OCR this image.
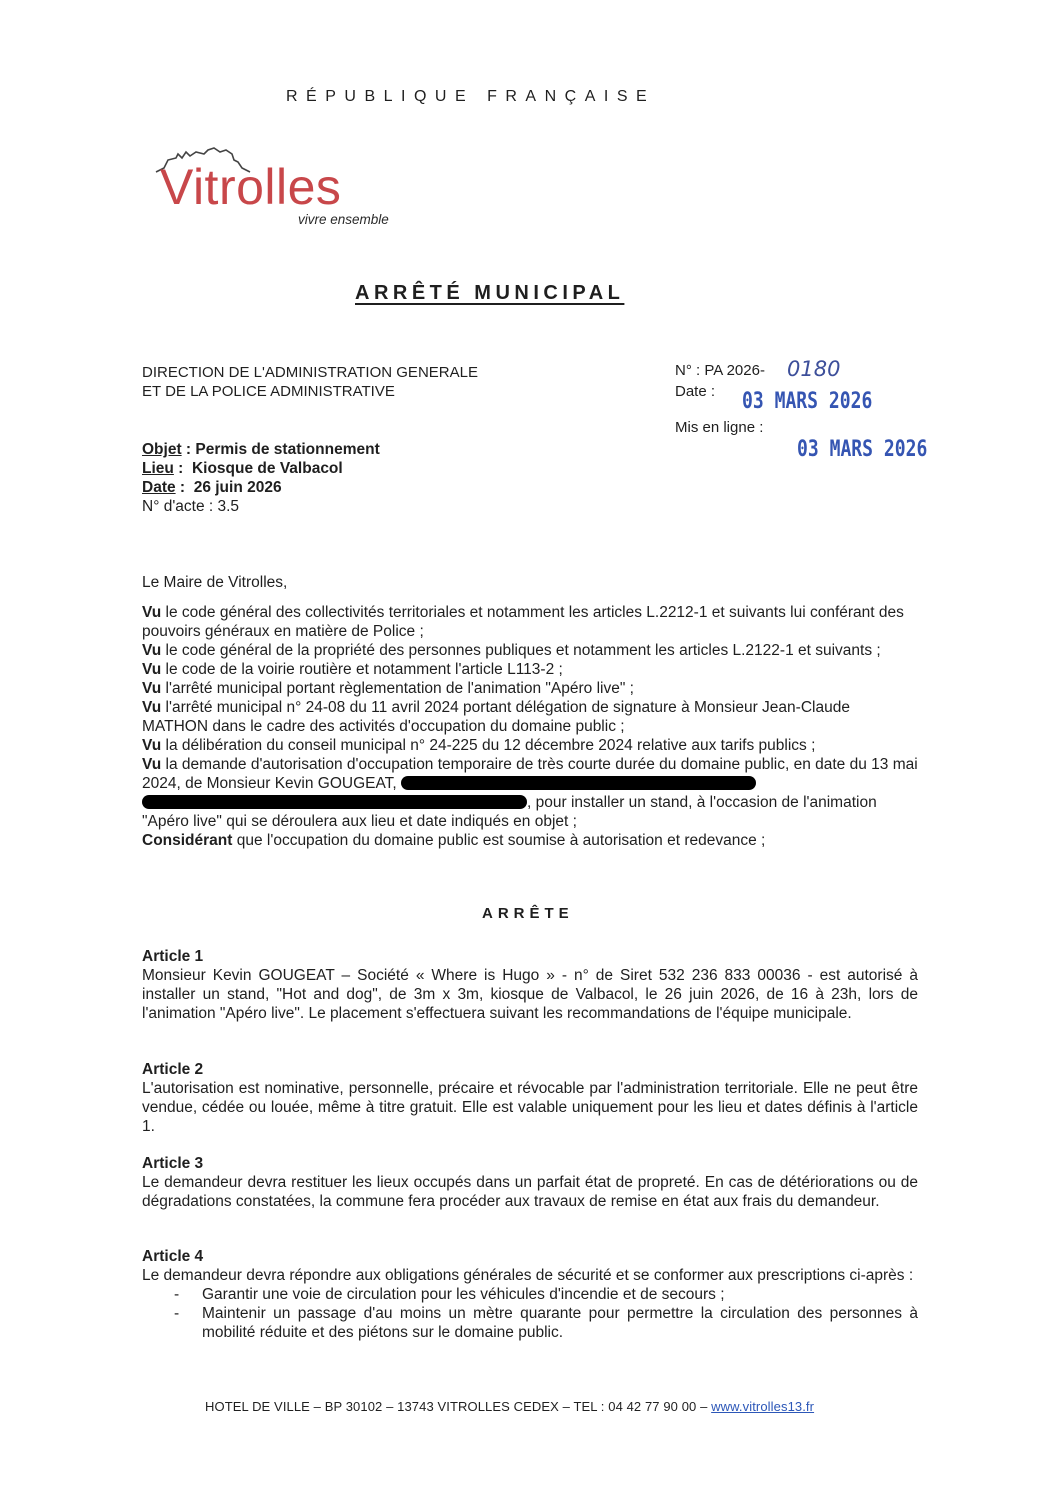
RÉPUBLIQUE FRANÇAISE
Vitrolles
vivre ensemble
ARRÊTÉ MUNICIPAL
DIRECTION DE L'ADMINISTRATION GENERALE
ET DE LA POLICE ADMINISTRATIVE
N° : PA 2026- 0180
Date : 03 MARS 2026
Mis en ligne :
03 MARS 2026
Objet : Permis de stationnement
Lieu :  Kiosque de Valbacol
Date :  26 juin 2026
N° d'acte : 3.5
Le Maire de Vitrolles,

Vu le code général des collectivités territoriales et notamment les articles L.2212-1 et suivants lui conférant des pouvoirs généraux en matière de Police ;

Vu le code général de la propriété des personnes publiques et notamment les articles L.2122-1 et suivants ;

Vu le code de la voirie routière et notamment l'article L113-2 ;

Vu l'arrêté municipal portant règlementation de l'animation "Apéro live" ;

Vu l'arrêté municipal n° 24-08 du 11 avril 2024 portant délégation de signature à Monsieur Jean-Claude MATHON dans le cadre des activités d'occupation du domaine public ;

Vu la délibération du conseil municipal n° 24-225 du 12 décembre 2024 relative aux tarifs publics ;

Vu la demande d'autorisation d'occupation temporaire de très courte durée du domaine public, en date du 13 mai 2024, de Monsieur Kevin GOUGEAT,  , pour installer un stand, à l'occasion de l'animation "Apéro live" qui se déroulera aux lieu et date indiqués en objet ;

Considérant que l'occupation du domaine public est soumise à autorisation et redevance ;

ARRÊTE
Article 1

Monsieur Kevin GOUGEAT – Société « Where is Hugo » - n° de Siret 532 236 833 00036 - est autorisé à installer un stand, "Hot and dog", de 3m x 3m, kiosque de Valbacol, le 26 juin 2026, de 16 à 23h, lors de l'animation "Apéro live". Le placement s'effectuera suivant les recommandations de l'équipe municipale.

Article 2

L'autorisation est nominative, personnelle, précaire et révocable par l'administration territoriale. Elle ne peut être vendue, cédée ou louée, même à titre gratuit. Elle est valable uniquement pour les lieu et dates définis à l'article 1.

Article 3

Le demandeur devra restituer les lieux occupés dans un parfait état de propreté. En cas de détériorations ou de dégradations constatées, la commune fera procéder aux travaux de remise en état aux frais du demandeur.

Article 4

Le demandeur devra répondre aux obligations générales de sécurité et se conformer aux prescriptions ci-après :

- Garantir une voie de circulation pour les véhicules d'incendie et de secours ;
- Maintenir un passage d'au moins un mètre quarante pour permettre la circulation des personnes à mobilité réduite et des piétons sur le domaine public.
HOTEL DE VILLE – BP 30102 – 13743 VITROLLES CEDEX – TEL : 04 42 77 90 00 – www.vitrolles13.fr
